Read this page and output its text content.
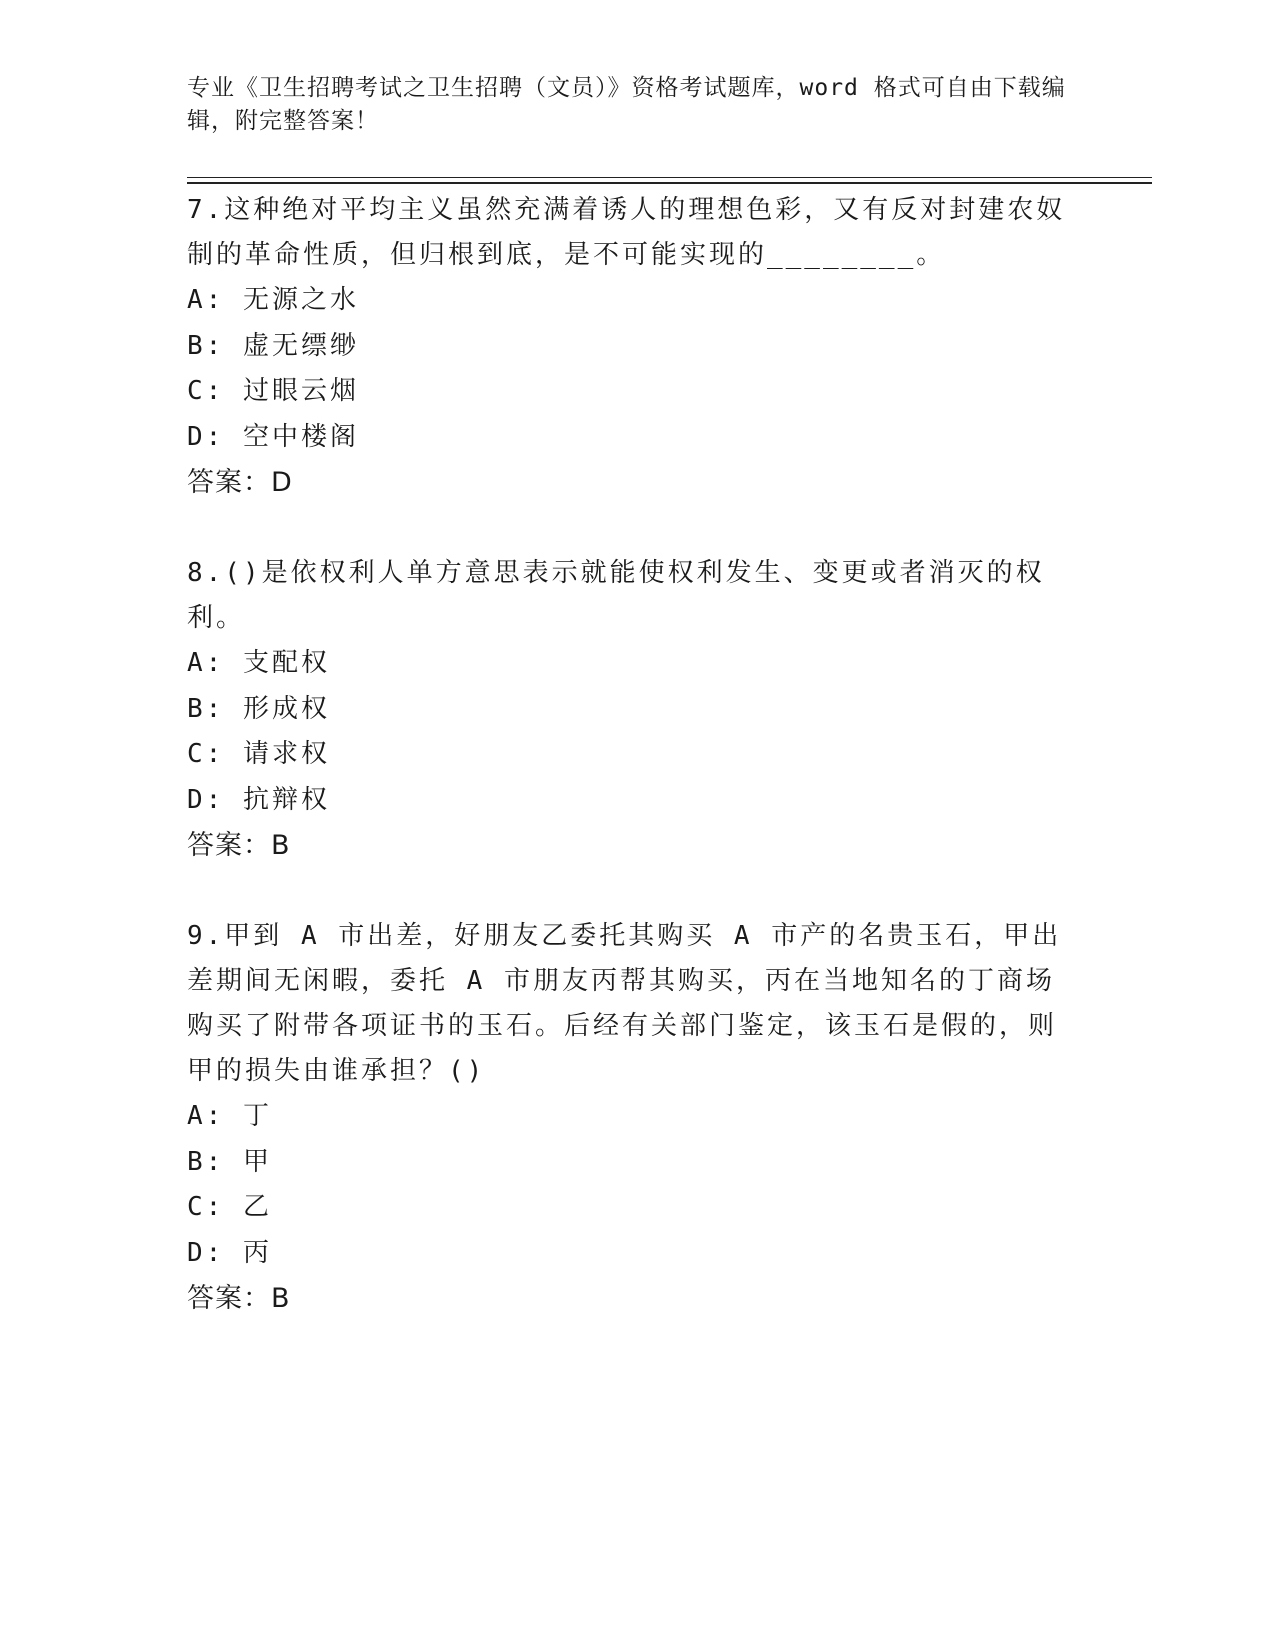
专业《卫生招聘考试之卫生招聘（文员）》资格考试题库，word 格式可自由下载编辑，附完整答案！

7.这种绝对平均主义虽然充满着诱人的理想色彩，又有反对封建农奴制的革命性质，但归根到底，是不可能实现的________。

A: 无源之水

B: 虚无缥缈

C: 过眼云烟

D: 空中楼阁

答案：D

8.()是依权利人单方意思表示就能使权利发生、变更或者消灭的权利。

A: 支配权

B: 形成权

C: 请求权

D: 抗辩权

答案：B

9.甲到 A 市出差，好朋友乙委托其购买 A 市产的名贵玉石，甲出差期间无闲暇，委托 A 市朋友丙帮其购买，丙在当地知名的丁商场购买了附带各项证书的玉石。后经有关部门鉴定，该玉石是假的，则甲的损失由谁承担？()

A: 丁

B: 甲

C: 乙

D: 丙

答案：B
